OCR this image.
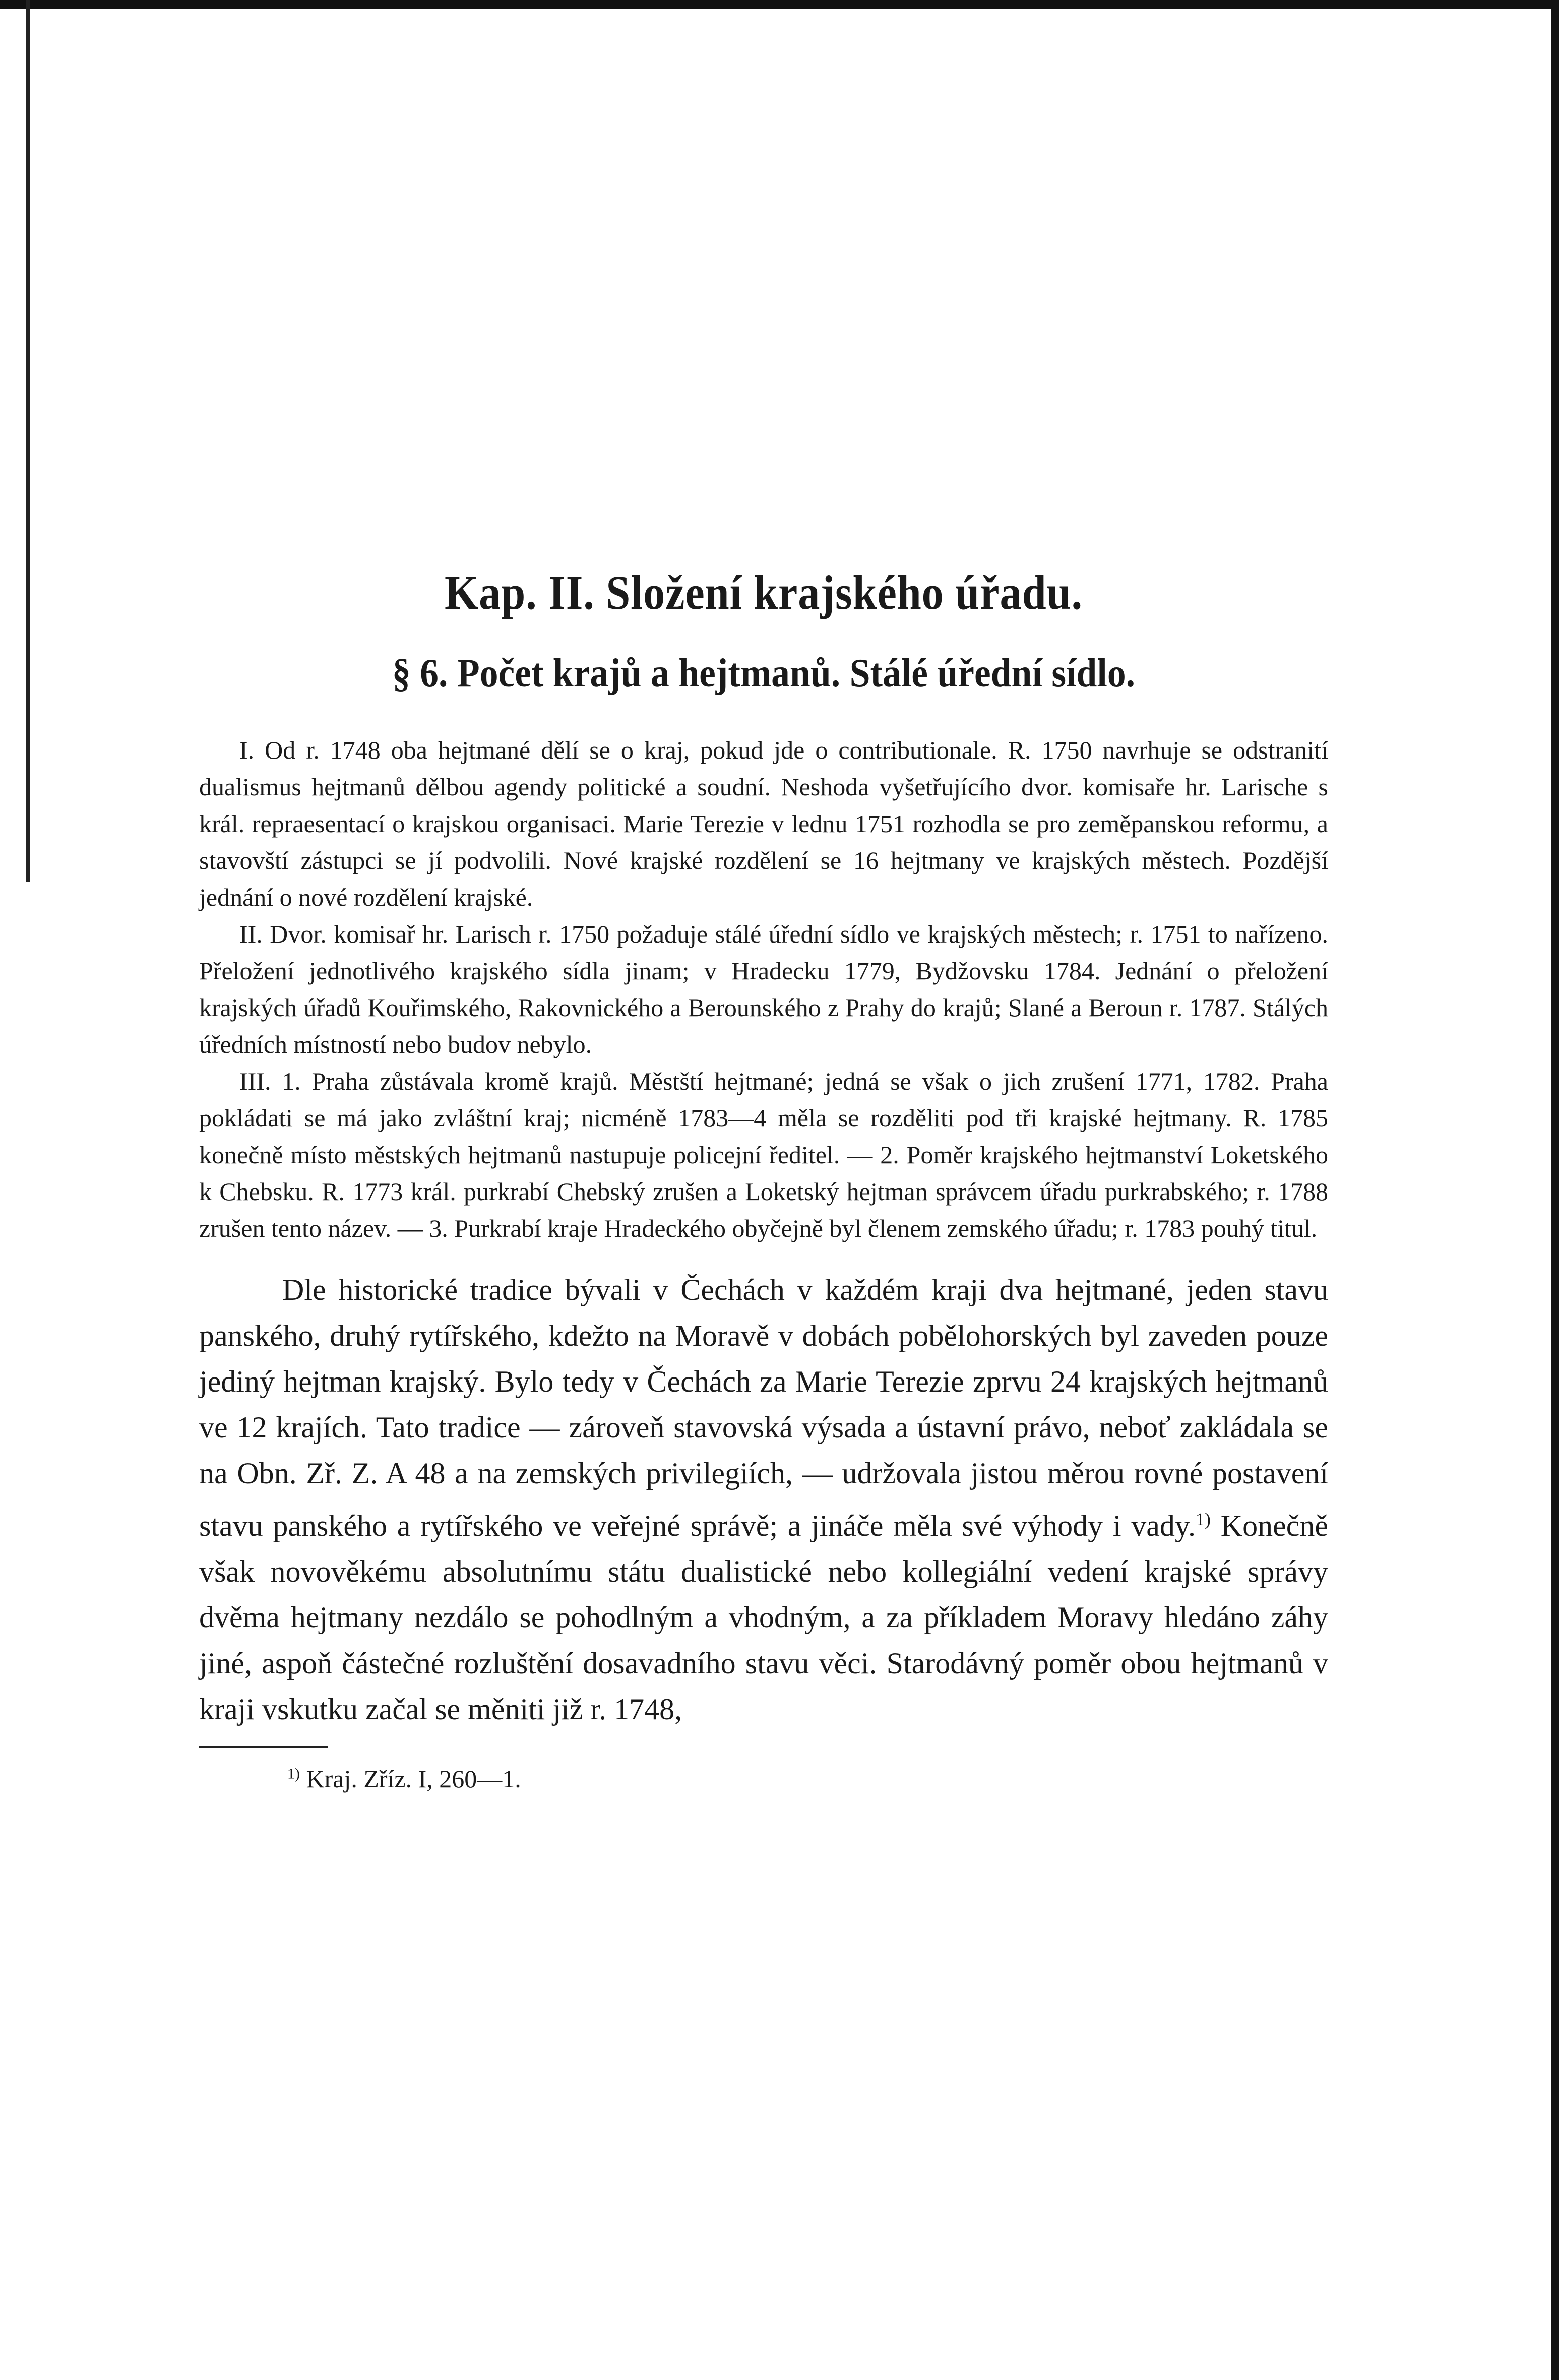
Kap. II. Složení krajského úřadu.
§ 6. Počet krajů a hejtmanů. Stálé úřední sídlo.

I. Od r. 1748 oba hejtmané dělí se o kraj, pokud jde o contributionale. R. 1750 navrhuje se odstranití dualismus hejtmanů dělbou agendy politické a soudní. Neshoda vyšetřujícího dvor. komisaře hr. Larische s král. repraesentací o krajskou organisaci. Marie Terezie v lednu 1751 rozhodla se pro zeměpanskou reformu, a stavovští zástupci se jí podvolili. Nové krajské rozdělení se 16 hejtmany ve krajských městech. Pozdější jednání o nové rozdělení krajské.

II. Dvor. komisař hr. Larisch r. 1750 požaduje stálé úřední sídlo ve krajských městech; r. 1751 to nařízeno. Přeložení jednotlivého krajského sídla jinam; v Hradecku 1779, Bydžovsku 1784. Jednání o přeložení krajských úřadů Kouřimského, Rakovnického a Berounského z Prahy do krajů; Slané a Beroun r. 1787. Stálých úředních místností nebo budov nebylo.

III. 1. Praha zůstávala kromě krajů. Městští hejtmané; jedná se však o jich zrušení 1771, 1782. Praha pokládati se má jako zvláštní kraj; nicméně 1783—4 měla se rozděliti pod tři krajské hejtmany. R. 1785 konečně místo městských hejtmanů nastupuje policejní ředitel. — 2. Poměr krajského hejtmanství Loketského k Chebsku. R. 1773 král. purkrabí Chebský zrušen a Loketský hejtman správcem úřadu purkrabského; r. 1788 zrušen tento název. — 3. Purkrabí kraje Hradeckého obyčejně byl členem zemského úřadu; r. 1783 pouhý titul.

Dle historické tradice bývali v Čechách v každém kraji dva hejtmané, jeden stavu panského, druhý rytířského, kdežto na Moravě v dobách pobělohorských byl zaveden pouze jediný hejtman krajský. Bylo tedy v Čechách za Marie Terezie zprvu 24 krajských hejtmanů ve 12 krajích. Tato tradice — zároveň stavovská výsada a ústavní právo, neboť zakládala se na Obn. Zř. Z. A 48 a na zemských privilegiích, — udržovala jistou měrou rovné postavení stavu panského a rytířského ve veřejné správě; a jináče měla své výhody i vady.$^{1)}$ Konečně však novověkému absolutnímu státu dualistické nebo kollegiální vedení krajské správy dvěma hejtmany nezdálo se pohodlným a vhodným, a za příkladem Moravy hledáno záhy jiné, aspoň částečné rozluštění dosavadního stavu věci. Starodávný poměr obou hejtmanů v kraji vskutku začal se měniti již r. 1748,

$^{1)}$ Kraj. Zříz. I, 260—1.
